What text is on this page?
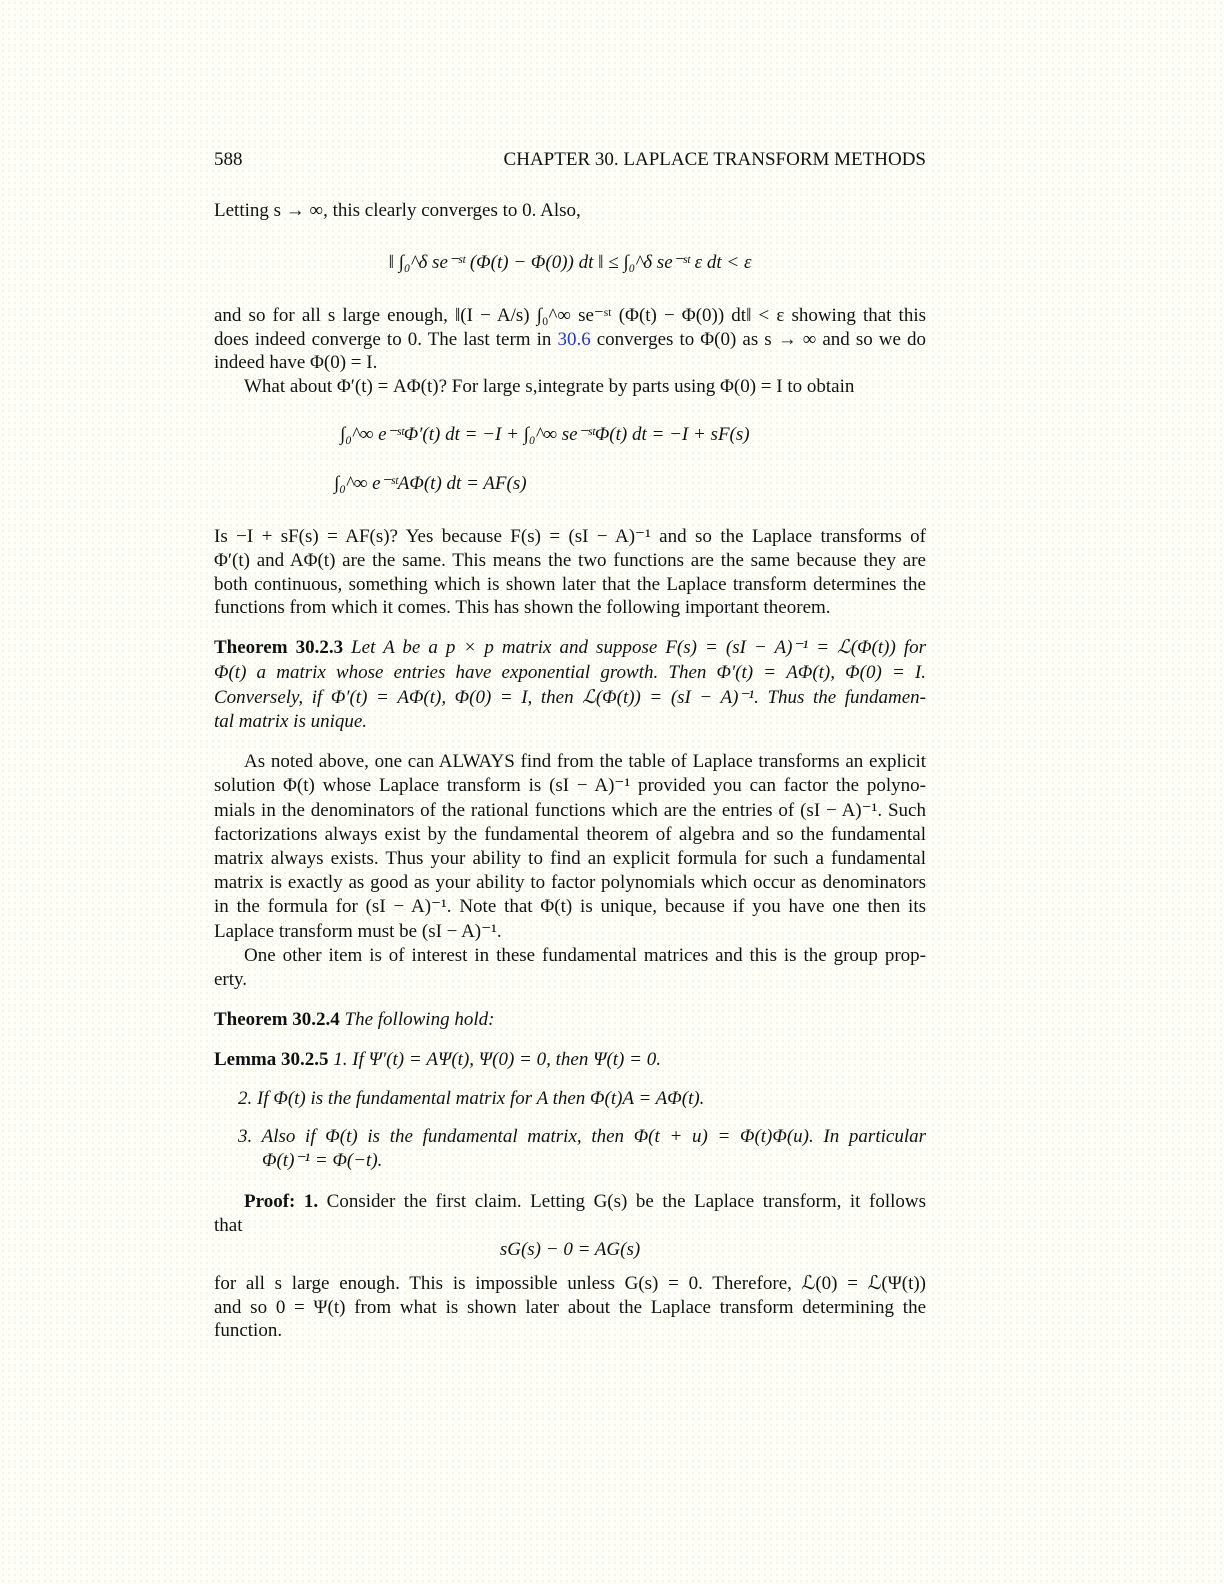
588	CHAPTER 30. LAPLACE TRANSFORM METHODS
Letting s → ∞, this clearly converges to 0. Also,
‖ ∫₀^δ se⁻ˢᵗ (Φ(t) − Φ(0)) dt ‖ ≤ ∫₀^δ se⁻ˢᵗ ε dt < ε
and so for all s large enough, ‖(I − A/s) ∫₀^∞ se⁻ˢᵗ (Φ(t) − Φ(0)) dt‖ < ε showing that this
does indeed converge to 0. The last term in 30.6 converges to Φ(0) as s → ∞ and so we do
indeed have Φ(0) = I.
What about Φ′(t) = AΦ(t)? For large s,integrate by parts using Φ(0) = I to obtain
∫₀^∞ e⁻ˢᵗΦ′(t) dt = −I + ∫₀^∞ se⁻ˢᵗΦ(t) dt = −I + sF(s)
∫₀^∞ e⁻ˢᵗAΦ(t) dt = AF(s)
Is −I + sF(s) = AF(s)? Yes because F(s) = (sI − A)⁻¹ and so the Laplace transforms of
Φ′(t) and AΦ(t) are the same. This means the two functions are the same because they are
both continuous, something which is shown later that the Laplace transform determines the
functions from which it comes. This has shown the following important theorem.
Theorem 30.2.3 Let A be a p × p matrix and suppose F(s) = (sI − A)⁻¹ = ℒ(Φ(t)) for
Φ(t) a matrix whose entries have exponential growth. Then Φ′(t) = AΦ(t), Φ(0) = I.
Conversely, if Φ′(t) = AΦ(t), Φ(0) = I, then ℒ(Φ(t)) = (sI − A)⁻¹. Thus the fundamen-
tal matrix is unique.
As noted above, one can ALWAYS find from the table of Laplace transforms an explicit
solution Φ(t) whose Laplace transform is (sI − A)⁻¹ provided you can factor the polyno-
mials in the denominators of the rational functions which are the entries of (sI − A)⁻¹. Such
factorizations always exist by the fundamental theorem of algebra and so the fundamental
matrix always exists. Thus your ability to find an explicit formula for such a fundamental
matrix is exactly as good as your ability to factor polynomials which occur as denominators
in the formula for (sI − A)⁻¹. Note that Φ(t) is unique, because if you have one then its
Laplace transform must be (sI − A)⁻¹.
One other item is of interest in these fundamental matrices and this is the group prop-
erty.
Theorem 30.2.4 The following hold:
Lemma 30.2.5 1. If Ψ′(t) = AΨ(t), Ψ(0) = 0, then Ψ(t) = 0.
2. If Φ(t) is the fundamental matrix for A then Φ(t)A = AΦ(t).
3. Also if Φ(t) is the fundamental matrix, then Φ(t + u) = Φ(t)Φ(u). In particular
Φ(t)⁻¹ = Φ(−t).
Proof: 1. Consider the first claim. Letting G(s) be the Laplace transform, it follows
that
sG(s) − 0 = AG(s)
for all s large enough. This is impossible unless G(s) = 0. Therefore, ℒ(0) = ℒ(Ψ(t))
and so 0 = Ψ(t) from what is shown later about the Laplace transform determining the
function.
